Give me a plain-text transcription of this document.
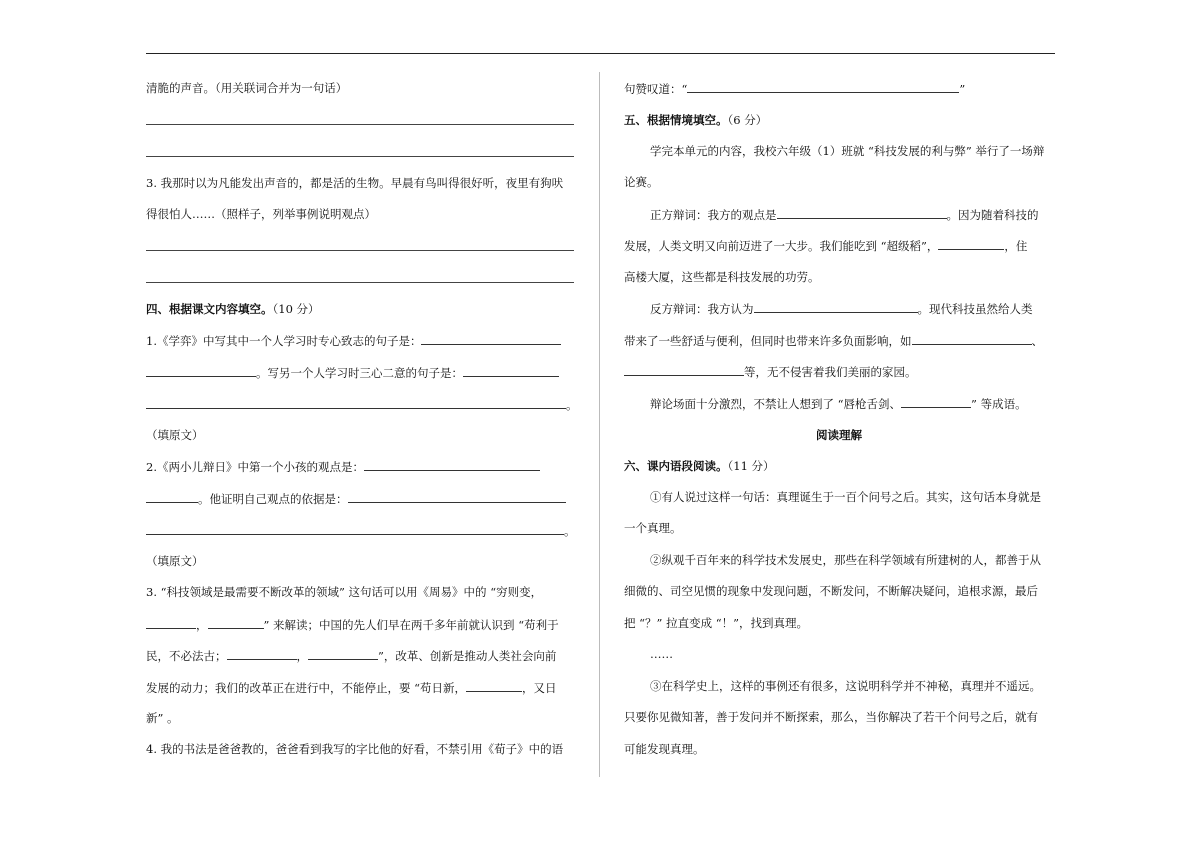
清脆的声音。（用关联词合并为一句话）
3. 我那时以为凡能发出声音的，都是活的生物。早晨有鸟叫得很好听，夜里有狗吠
得很怕人……（照样子，列举事例说明观点）
四、根据课文内容填空。（10 分）
1.《学弈》中写其中一个人学习时专心致志的句子是：
。写另一个人学习时三心二意的句子是：
。
（填原文）
2.《两小儿辩日》中第一个小孩的观点是：
。他证明自己观点的依据是：
。
（填原文）
3. “科技领域是最需要不断改革的领域” 这句话可以用《周易》中的 “穷则变，
，	” 来解读；中国的先人们早在两千多年前就认识到 “苟利于
民，不必法古；	，	”，改革、创新是推动人类社会向前
发展的动力；我们的改革正在进行中，不能停止，要 “苟日新，	，又日
新” 。
4. 我的书法是爸爸教的，爸爸看到我写的字比他的好看，不禁引用《荀子》中的语
句赞叹道：“	”
五、根据情境填空。（6 分）
学完本单元的内容，我校六年级（1）班就 “科技发展的利与弊” 举行了一场辩
论赛。
正方辩词：我方的观点是	。因为随着科技的
发展，人类文明又向前迈进了一大步。我们能吃到 “超级稻”，	，住
高楼大厦，这些都是科技发展的功劳。
反方辩词：我方认为	。现代科技虽然给人类
带来了一些舒适与便利，但同时也带来许多负面影响，如	、
等，无不侵害着我们美丽的家园。
辩论场面十分激烈，不禁让人想到了 “唇枪舌剑、	” 等成语。
阅读理解
六、课内语段阅读。（11 分）
①有人说过这样一句话：真理诞生于一百个问号之后。其实，这句话本身就是
一个真理。
②纵观千百年来的科学技术发展史，那些在科学领域有所建树的人，都善于从
细微的、司空见惯的现象中发现问题，不断发问，不断解决疑问，追根求源，最后
把 “？” 拉直变成 “！”，找到真理。
……
③在科学史上，这样的事例还有很多，这说明科学并不神秘，真理并不遥远。
只要你见微知著，善于发问并不断探索，那么，当你解决了若干个问号之后，就有
可能发现真理。
